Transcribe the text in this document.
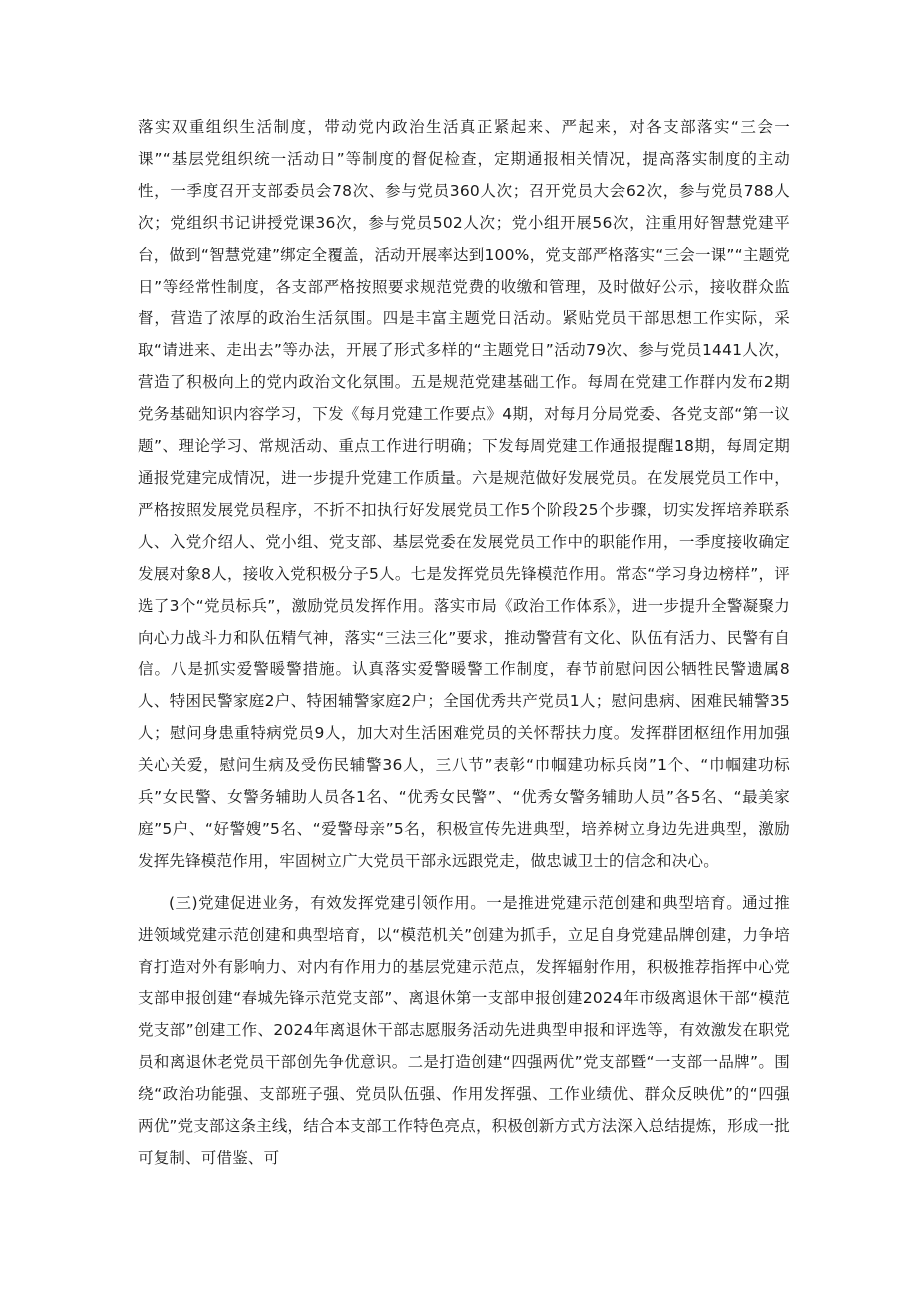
落实双重组织生活制度，带动党内政治生活真正紧起来、严起来，对各支部落实“三会一课”“基层党组织统一活动日”等制度的督促检查，定期通报相关情况，提高落实制度的主动性，一季度召开支部委员会78次、参与党员360人次；召开党员大会62次，参与党员788人次；党组织书记讲授党课36次，参与党员502人次；党小组开展56次，注重用好智慧党建平台，做到“智慧党建”绑定全覆盖，活动开展率达到100%，党支部严格落实“三会一课”“主题党日”等经常性制度，各支部严格按照要求规范党费的收缴和管理，及时做好公示，接收群众监督，营造了浓厚的政治生活氛围。四是丰富主题党日活动。紧贴党员干部思想工作实际，采取“请进来、走出去”等办法，开展了形式多样的“主题党日”活动79次、参与党员1441人次，营造了积极向上的党内政治文化氛围。五是规范党建基础工作。每周在党建工作群内发布2期党务基础知识内容学习，下发《每月党建工作要点》4期，对每月分局党委、各党支部“第一议题”、理论学习、常规活动、重点工作进行明确；下发每周党建工作通报提醒18期，每周定期通报党建完成情况，进一步提升党建工作质量。六是规范做好发展党员。在发展党员工作中，严格按照发展党员程序，不折不扣执行好发展党员工作5个阶段25个步骤，切实发挥培养联系人、入党介绍人、党小组、党支部、基层党委在发展党员工作中的职能作用，一季度接收确定发展对象8人，接收入党积极分子5人。七是发挥党员先锋模范作用。常态“学习身边榜样”，评选了3个“党员标兵”，激励党员发挥作用。落实市局《政治工作体系》，进一步提升全警凝聚力向心力战斗力和队伍精气神，落实“三法三化”要求，推动警营有文化、队伍有活力、民警有自信。八是抓实爱警暖警措施。认真落实爱警暖警工作制度，春节前慰问因公牺牲民警遗属8人、特困民警家庭2户、特困辅警家庭2户；全国优秀共产党员1人；慰问患病、困难民辅警35人；慰问身患重特病党员9人，加大对生活困难党员的关怀帮扶力度。发挥群团枢纽作用加强关心关爱，慰问生病及受伤民辅警36人，三八节”表彰“巾帼建功标兵岗”1个、“巾帼建功标兵”女民警、女警务辅助人员各1名、“优秀女民警”、“优秀女警务辅助人员”各5名、“最美家庭”5户、“好警嫂”5名、“爱警母亲”5名，积极宣传先进典型，培养树立身边先进典型，激励发挥先锋模范作用，牢固树立广大党员干部永远跟党走，做忠诚卫士的信念和决心。

(三)党建促进业务，有效发挥党建引领作用。一是推进党建示范创建和典型培育。通过推进领域党建示范创建和典型培育，以“模范机关”创建为抓手，立足自身党建品牌创建，力争培育打造对外有影响力、对内有作用力的基层党建示范点，发挥辐射作用，积极推荐指挥中心党支部申报创建“春城先锋示范党支部”、离退休第一支部申报创建2024年市级离退休干部“模范党支部”创建工作、2024年离退休干部志愿服务活动先进典型申报和评选等，有效激发在职党员和离退休老党员干部创先争优意识。二是打造创建“四强两优”党支部暨“一支部一品牌”。围绕“政治功能强、支部班子强、党员队伍强、作用发挥强、工作业绩优、群众反映优”的“四强两优”党支部这条主线，结合本支部工作特色亮点，积极创新方式方法深入总结提炼，形成一批可复制、可借鉴、可
